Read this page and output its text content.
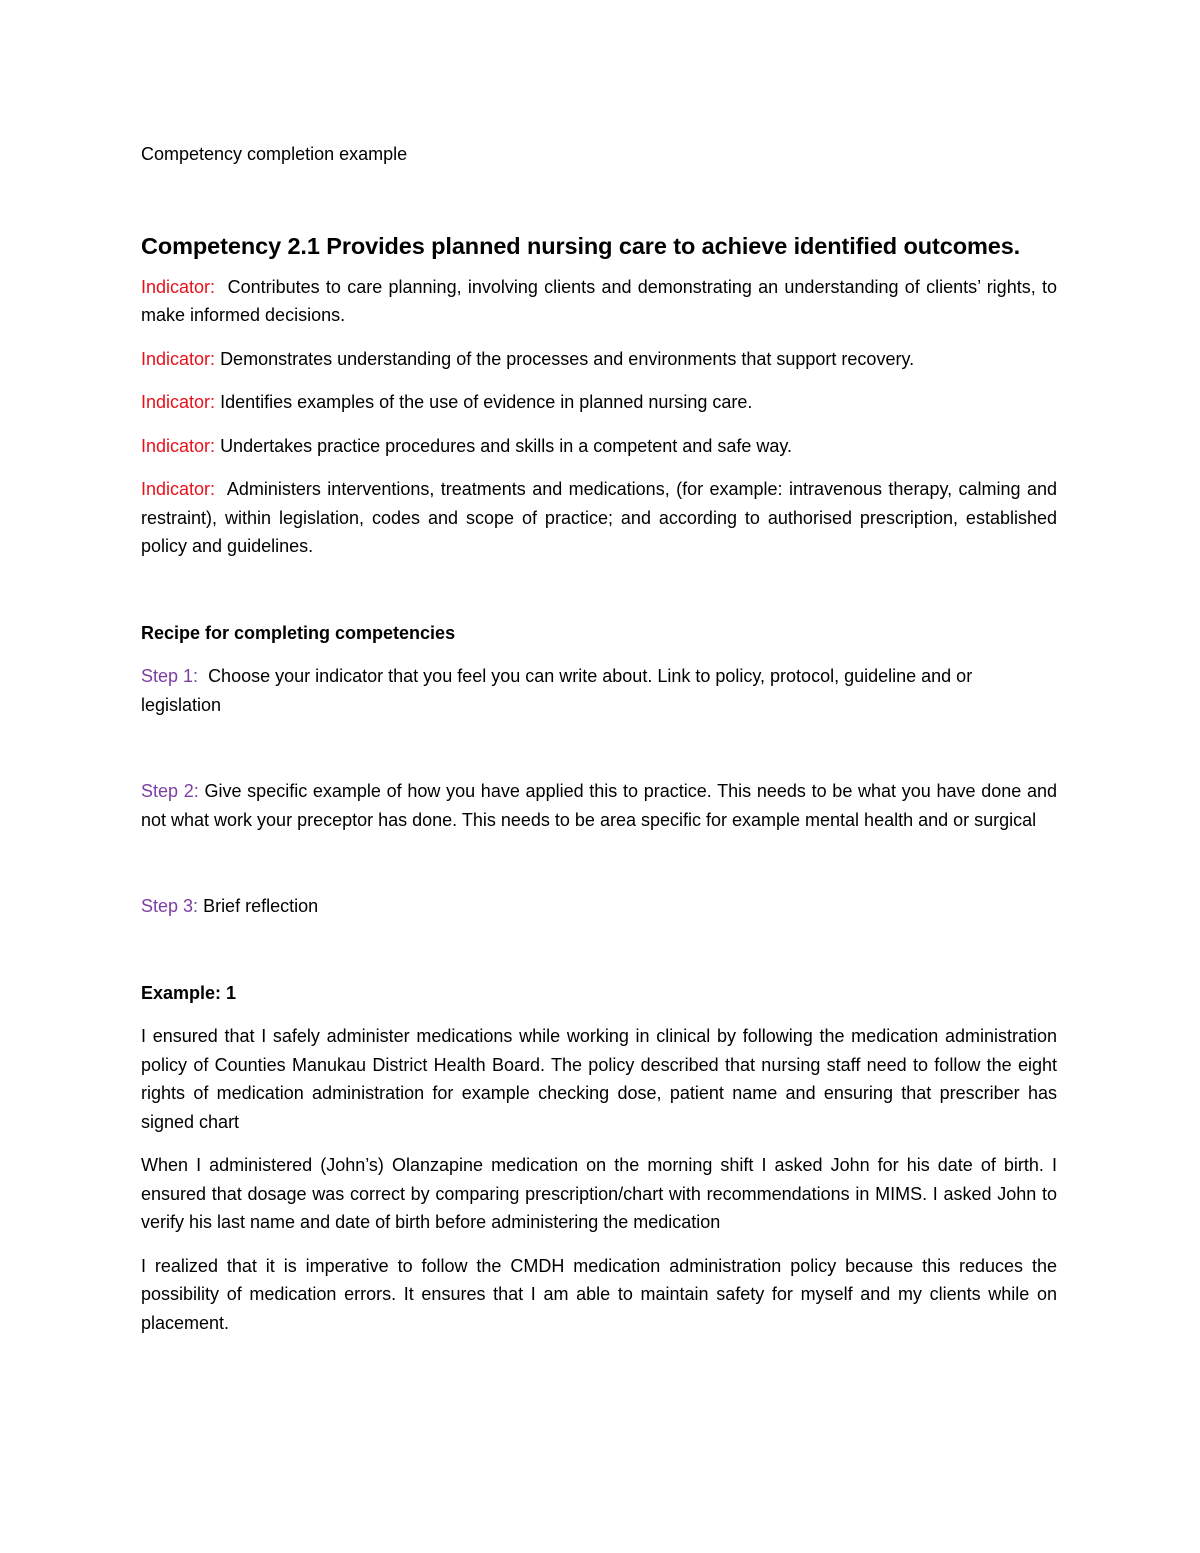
Competency completion example

Competency 2.1 Provides planned nursing care to achieve identified outcomes.

Indicator: Contributes to care planning, involving clients and demonstrating an understanding of clients’ rights, to make informed decisions.

Indicator: Demonstrates understanding of the processes and environments that support recovery.

Indicator: Identifies examples of the use of evidence in planned nursing care.

Indicator: Undertakes practice procedures and skills in a competent and safe way.

Indicator: Administers interventions, treatments and medications, (for example: intravenous therapy, calming and restraint), within legislation, codes and scope of practice; and according to authorised prescription, established policy and guidelines.

Recipe for completing competencies

Step 1: Choose your indicator that you feel you can write about. Link to policy, protocol, guideline and or legislation

Step 2: Give specific example of how you have applied this to practice. This needs to be what you have done and not what work your preceptor has done. This needs to be area specific for example mental health and or surgical

Step 3: Brief reflection

Example: 1

I ensured that I safely administer medications while working in clinical by following the medication administration policy of Counties Manukau District Health Board. The policy described that nursing staff need to follow the eight rights of medication administration for example checking dose, patient name and ensuring that prescriber has signed chart

When I administered (John’s) Olanzapine medication on the morning shift I asked John for his date of birth. I ensured that dosage was correct by comparing prescription/chart with recommendations in MIMS. I asked John to verify his last name and date of birth before administering the medication

I realized that it is imperative to follow the CMDH medication administration policy because this reduces the possibility of medication errors. It ensures that I am able to maintain safety for myself and my clients while on placement.
